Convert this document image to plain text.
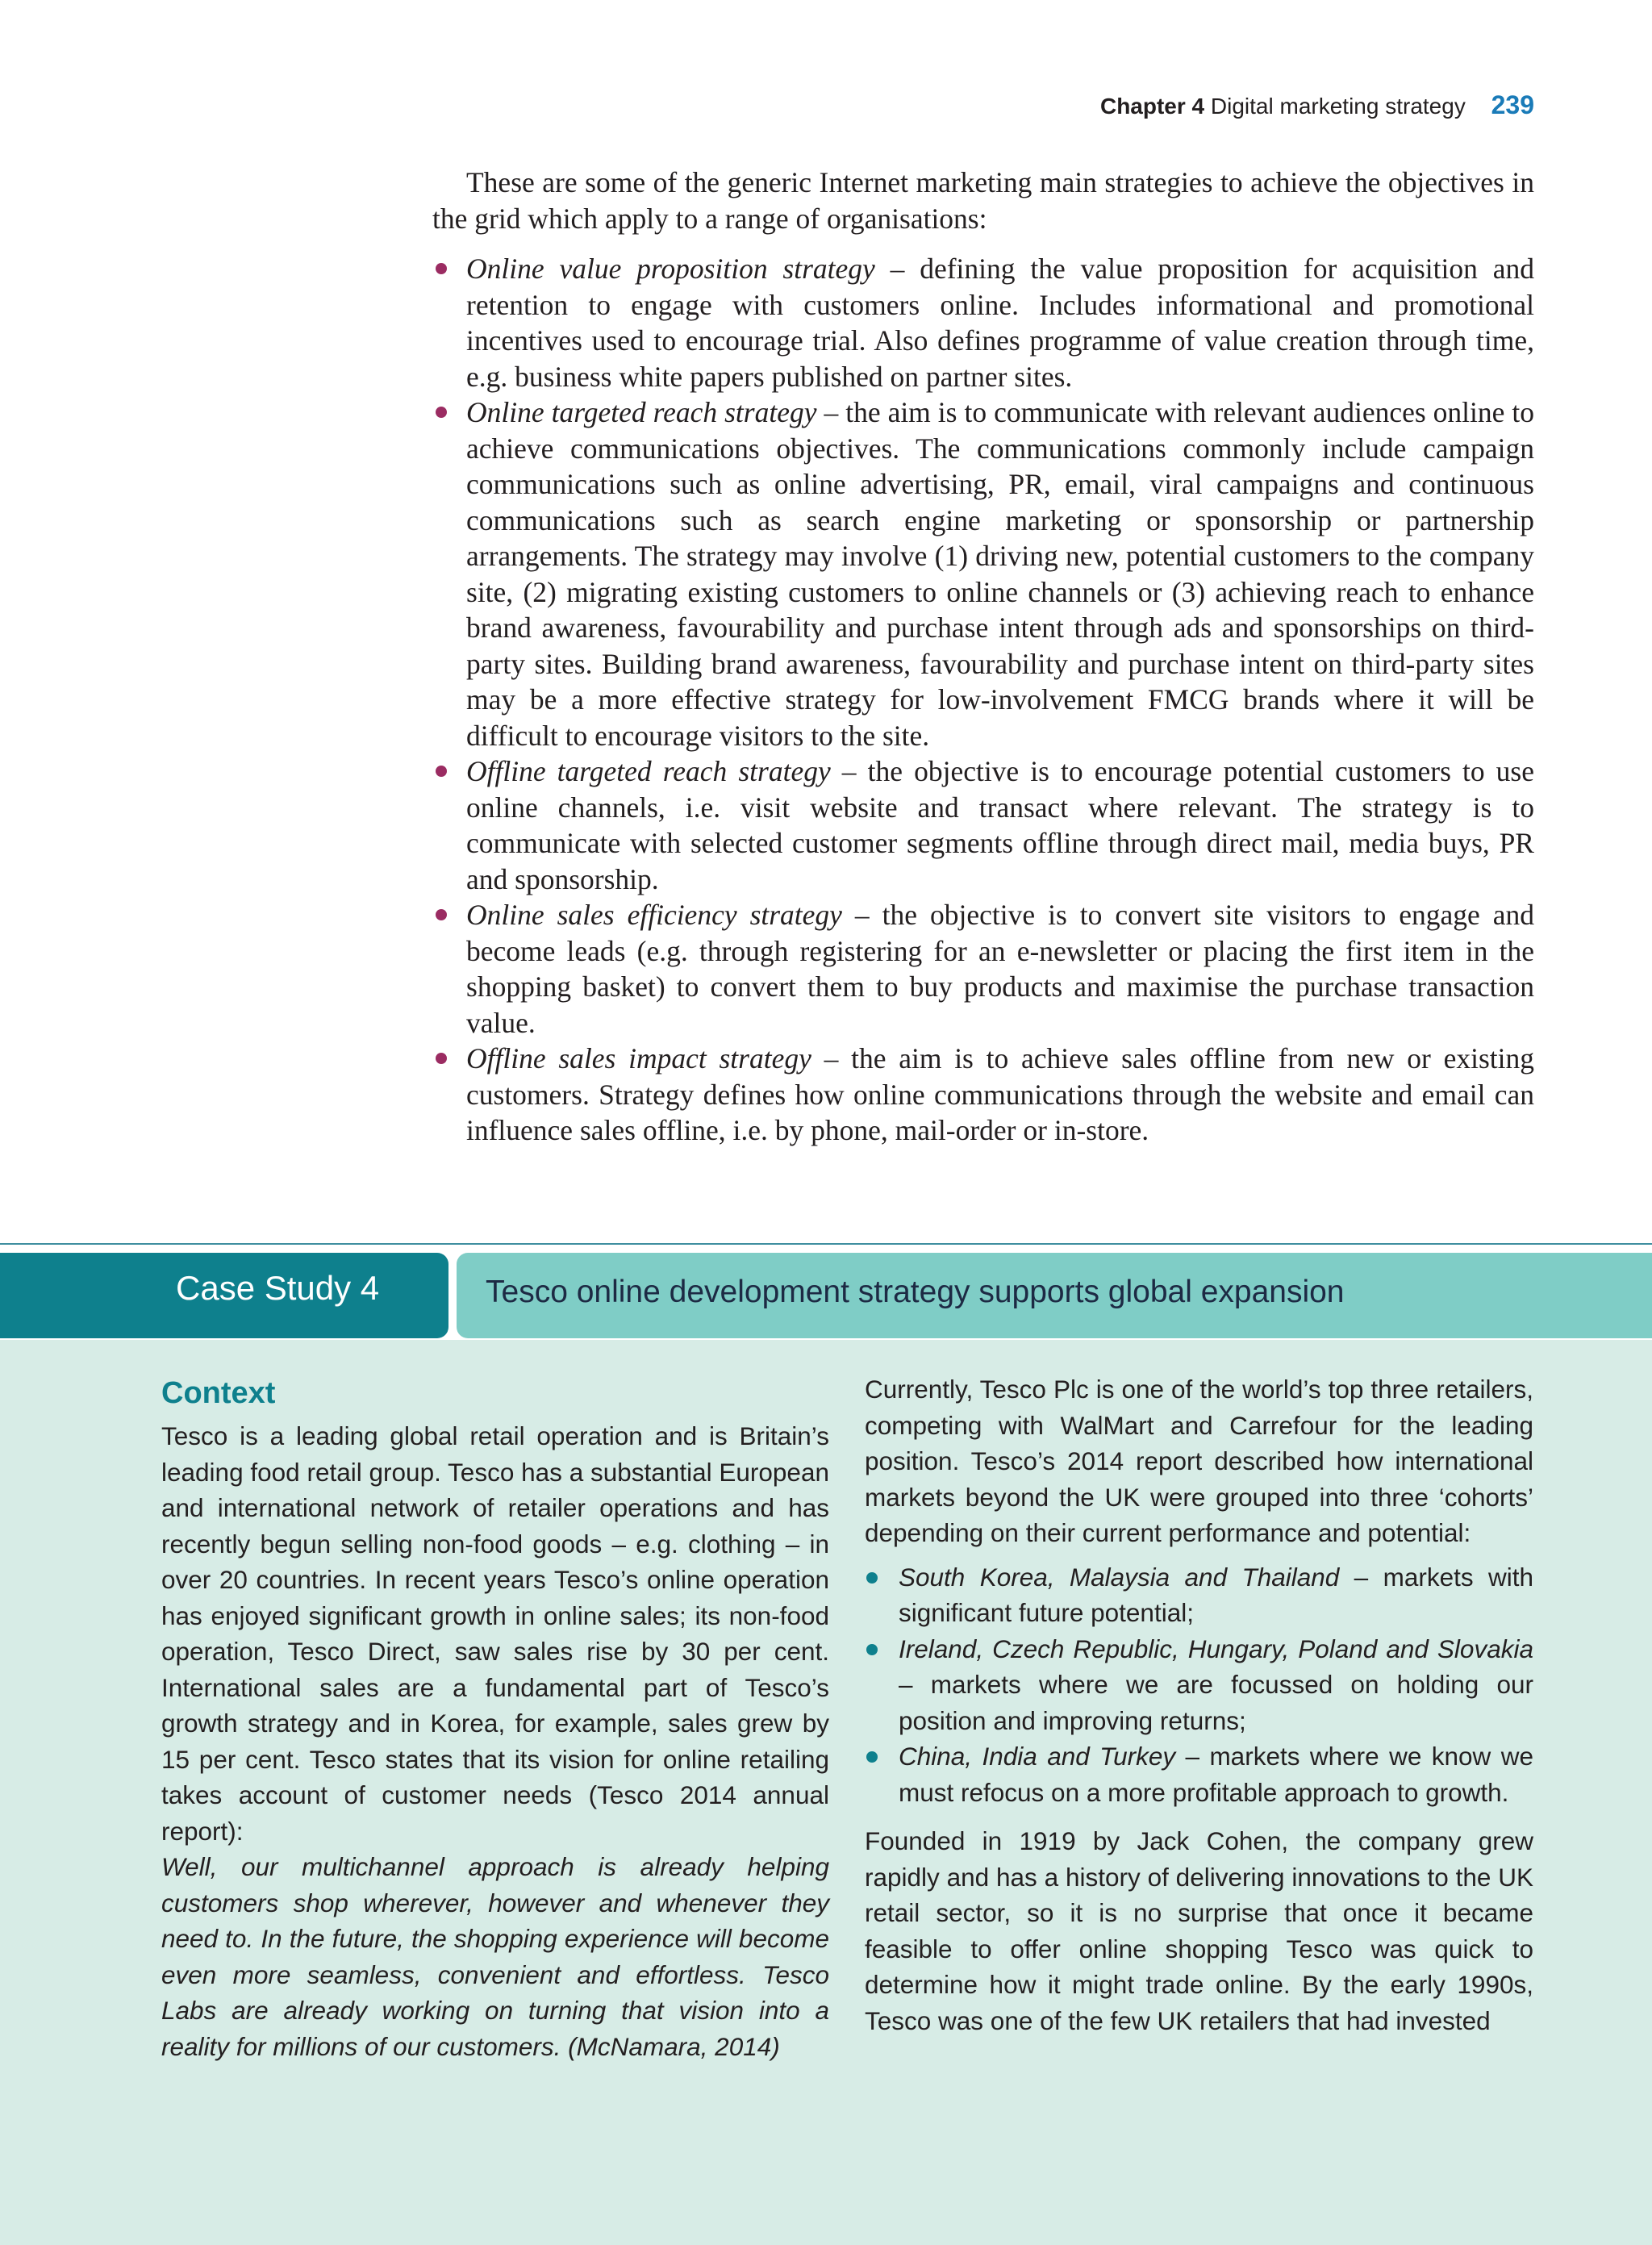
Chapter 4 Digital marketing strategy 239

These are some of the generic Internet marketing main strategies to achieve the objectives in the grid which apply to a range of organisations:

Online value proposition strategy – defining the value proposition for acquisition and retention to engage with customers online. Includes informational and promotional incentives used to encourage trial. Also defines programme of value creation through time, e.g. business white papers published on partner sites.
Online targeted reach strategy – the aim is to communicate with relevant audiences online to achieve communications objectives. The communications commonly include campaign communications such as online advertising, PR, email, viral campaigns and continuous communications such as search engine marketing or sponsorship or partnership arrangements. The strategy may involve (1) driving new, potential customers to the company site, (2) migrating existing customers to online channels or (3) achieving reach to enhance brand awareness, favourability and purchase intent through ads and sponsorships on third-party sites. Building brand awareness, favourability and purchase intent on third-party sites may be a more effective strategy for low-involvement FMCG brands where it will be difficult to encourage visitors to the site.
Offline targeted reach strategy – the objective is to encourage potential customers to use online channels, i.e. visit website and transact where relevant. The strategy is to communicate with selected customer segments offline through direct mail, media buys, PR and sponsorship.
Online sales efficiency strategy – the objective is to convert site visitors to engage and become leads (e.g. through registering for an e-newsletter or placing the first item in the shopping basket) to convert them to buy products and maximise the purchase transaction value.
Offline sales impact strategy – the aim is to achieve sales offline from new or existing customers. Strategy defines how online communications through the website and email can influence sales offline, i.e. by phone, mail-order or in-store.
Case Study 4	Tesco online development strategy supports global expansion
Context

Tesco is a leading global retail operation and is Britain’s leading food retail group. Tesco has a substantial European and international network of retailer operations and has recently begun selling non-food goods – e.g. clothing – in over 20 countries. In recent years Tesco’s online operation has enjoyed significant growth in online sales; its non-food operation, Tesco Direct, saw sales rise by 30 per cent. International sales are a fundamental part of Tesco’s growth strategy and in Korea, for example, sales grew by 15 per cent. Tesco states that its vision for online retailing takes account of customer needs (Tesco 2014 annual report):

Well, our multichannel approach is already helping customers shop wherever, however and whenever they need to. In the future, the shopping experience will become even more seamless, convenient and effortless. Tesco Labs are already working on turning that vision into a reality for millions of our customers. (McNamara, 2014)

Currently, Tesco Plc is one of the world’s top three retailers, competing with WalMart and Carrefour for the leading position. Tesco’s 2014 report described how international markets beyond the UK were grouped into three ‘cohorts’ depending on their current performance and potential:

South Korea, Malaysia and Thailand – markets with significant future potential;
Ireland, Czech Republic, Hungary, Poland and Slovakia – markets where we are focussed on holding our position and improving returns;
China, India and Turkey – markets where we know we must refocus on a more profitable approach to growth.

Founded in 1919 by Jack Cohen, the company grew rapidly and has a history of delivering innovations to the UK retail sector, so it is no surprise that once it became feasible to offer online shopping Tesco was quick to determine how it might trade online. By the early 1990s, Tesco was one of the few UK retailers that had invested
